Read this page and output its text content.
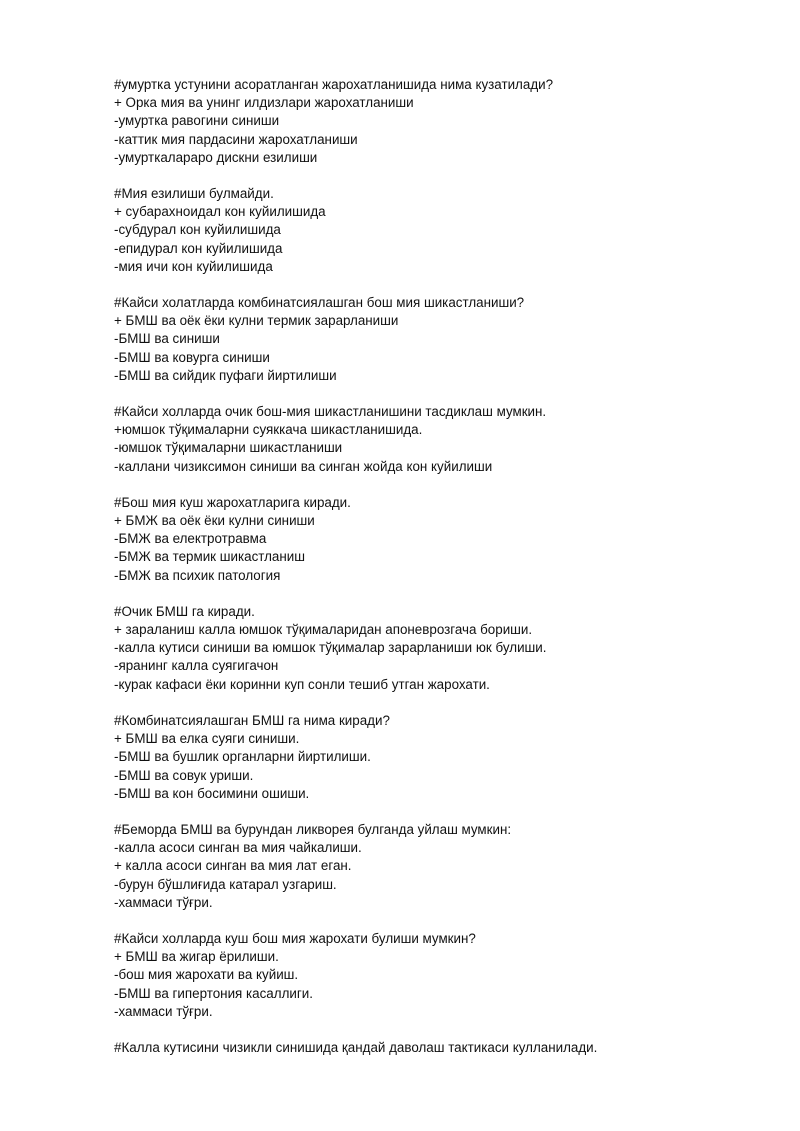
#умуртка устунини асоратланган жарохатланишида нима кузатилади?
+ Орка мия ва унинг илдизлари жарохатланиши
-умуртка равогини синиши
-каттик мия пардасини жарохатланиши
-умурткалараро дискни езилиши
#Мия езилиши булмайди.
+ субарахноидал кон куйилишида
-субдурал кон куйилишида
-епидурал кон куйилишида
-мия ичи кон куйилишида
#Кайси холатларда комбинатсиялашган бош мия шикастланиши?
+ БМШ ва оёк ёки кулни термик зарарланиши
-БМШ ва синиши
-БМШ ва ковурга синиши
-БМШ ва сийдик пуфаги йиртилиши
#Кайси холларда очик бош-мия шикастланишини тасдиклаш мумкин.
+юмшок тўқималарни суяккача шикастланишида.
-юмшок тўқималарни шикастланиши
-каллани чизиксимон синиши ва синган жойда кон куйилиши
#Бош мия куш жарохатларига киради.
+ БМЖ ва оёк ёки кулни синиши
-БМЖ ва електротравма
-БМЖ ва термик шикастланиш
-БМЖ ва психик патология
#Очик БМШ га киради.
+ зараланиш калла юмшок тўқималаридан апоневрозгача бориши.
-калла кутиси синиши ва юмшок тўқималар зарарланиши юк булиши.
-яранинг калла суягигачон
-курак кафаси ёки коринни куп сонли тешиб утган жарохати.
#Комбинатсиялашган БМШ га нима киради?
+ БМШ ва елка суяги синиши.
-БМШ ва бушлик органларни йиртилиши.
-БМШ ва совук уриши.
-БМШ ва кон босимини ошиши.
#Беморда БМШ ва бурундан ликворея булганда уйлаш мумкин:
-калла асоси синган ва мия чайкалиши.
+ калла асоси синган ва мия лат еган.
-бурун бўшлиғида катарал узгариш.
-хаммаси тўғри.
#Кайси холларда куш бош мия жарохати булиши мумкин?
+ БМШ ва жигар ёрилиши.
-бош мия жарохати ва куйиш.
-БМШ ва гипертония касаллиги.
-хаммаси тўғри.
#Калла кутисини чизикли синишида қандай даволаш тактикаси кулланилади.
